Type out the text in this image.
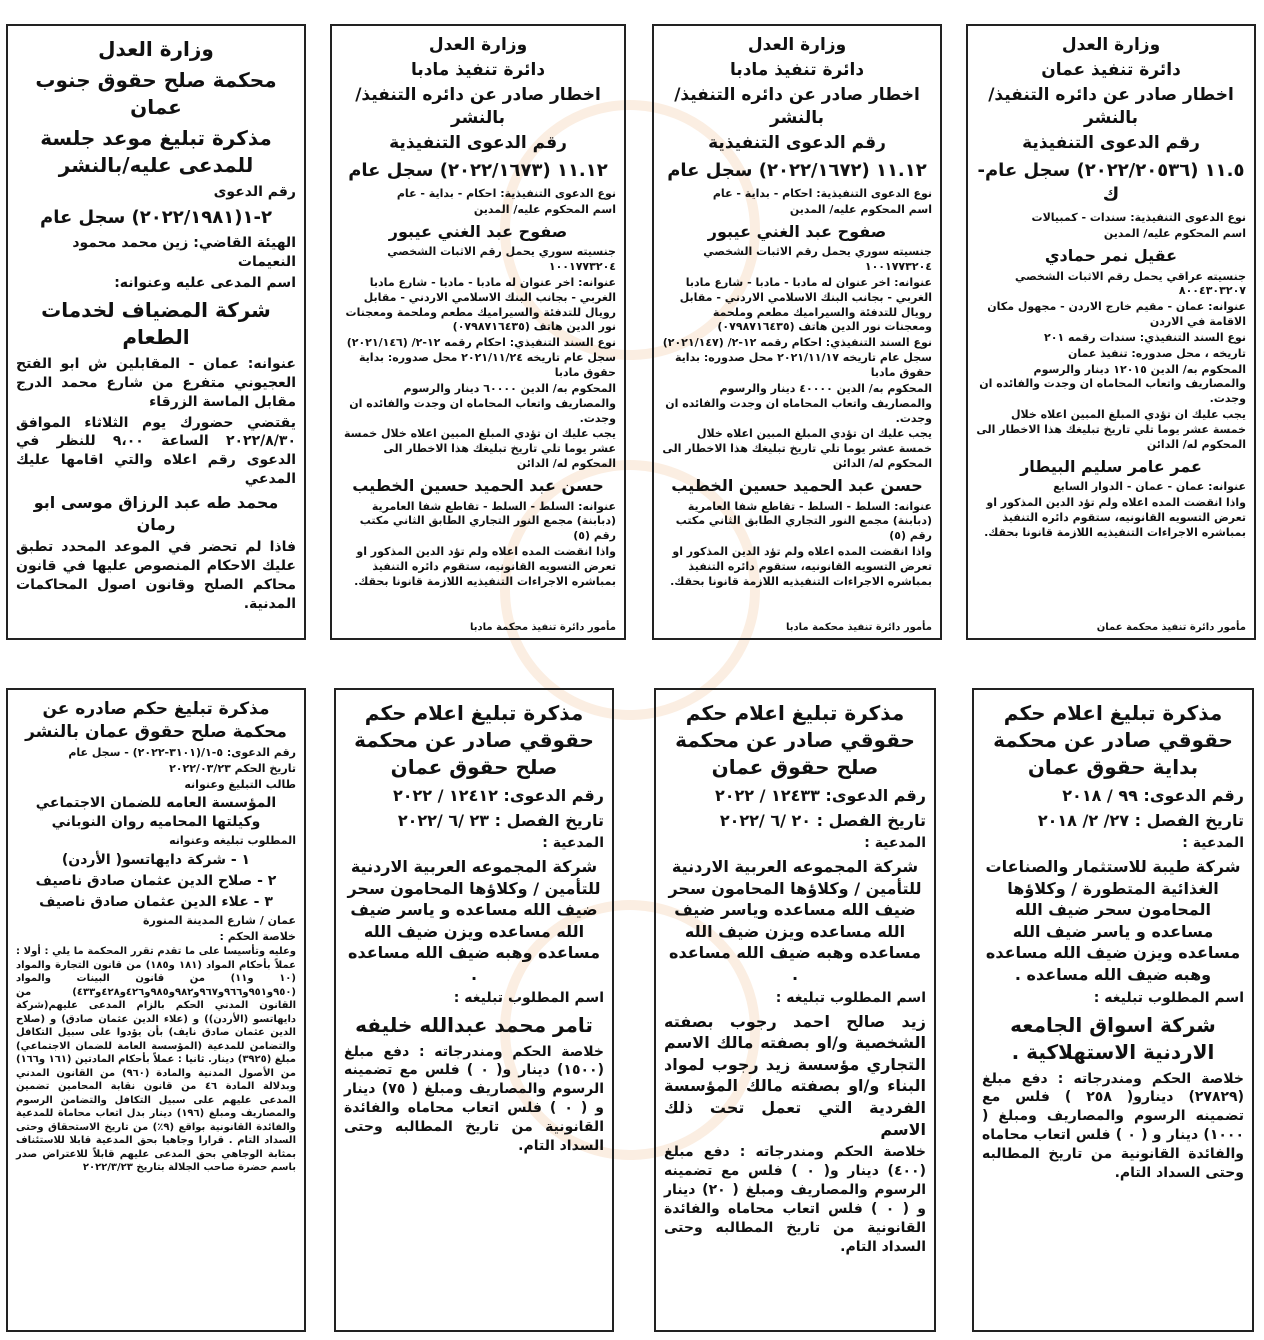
وزارة العدل
دائرة تنفيذ عمان
اخطار صادر عن دائره التنفيذ/ بالنشر
رقم الدعوى التنفيذية
١١.٥ (٢٠٢٢/٢٠٥٣٦) سجل عام-ك
نوع الدعوى التنفيذية: سندات - كمبيالات
اسم المحكوم عليه/ المدين
عقيل نمر حمادي
جنسيته عراقي يحمل رقم الاثبات الشخصي ٨٠٠٤٣٠٣٢٠٧
عنوانه: عمان - مقيم خارج الاردن - مجهول مكان الاقامة في الاردن
نوع السند التنفيذي: سندات رقمه ٢٠١
تاريخه ، محل صدوره: تنفيذ عمان
المحكوم به/ الدين ١٢٠١٥ دينار والرسوم والمصاريف واتعاب المحاماه ان وجدت والفائده ان وجدت.
يجب عليك ان تؤدي المبلغ المبين اعلاه خلال خمسة عشر يوما تلي تاريخ تبليغك هذا الاخطار الى المحكوم له/ الدائن
عمر عامر سليم البيطار
عنوانه: عمان - عمان - الدوار السابع
واذا انقضت المده اعلاه ولم تؤد الدين المذكور او تعرض التسويه القانونيه، ستقوم دائره التنفيذ بمباشره الاجراءات التنفيذيه اللازمة قانونا بحقك.
مأمور دائرة تنفيذ محكمة عمان
وزارة العدل
دائرة تنفيذ مادبا
اخطار صادر عن دائره التنفيذ/ بالنشر
رقم الدعوى التنفيذية
١١.١٢ (٢٠٢٢/١٦٧٢) سجل عام
نوع الدعوى التنفيذية: احكام - بداية - عام
اسم المحكوم عليه/ المدين
صفوح عبد الغني عيبور
جنسيته سوري يحمل رقم الاثبات الشخصي ١٠٠١٧٧٣٢٠٤
عنوانه: اخر عنوان له مادبا - مادبا - شارع مادبا الغربي - بجانب البنك الاسلامي الاردني - مقابل رويال للتدفئة والسيراميك مطعم وملحمة ومعجنات نور الدين هاتف (٠٧٩٨٧١٦٤٣٥)
نوع السند التنفيذي: احكام رقمه ١٢-٢/ (٢٠٢١/١٤٧) سجل عام تاريخه ٢٠٢١/١١/١٧ محل صدوره: بداية حقوق مادبا
المحكوم به/ الدين ٤٠٠٠٠ دينار والرسوم والمصاريف واتعاب المحاماه ان وجدت والفائده ان وجدت.
يجب عليك ان تؤدي المبلغ المبين اعلاه خلال خمسة عشر يوما تلي تاريخ تبليغك هذا الاخطار الى المحكوم له/ الدائن
حسن عبد الحميد حسين الخطيب
عنوانه: السلط - السلط - تقاطع شفا العامرية (دبابنة) مجمع النور التجاري الطابق الثاني مكتب رقم (٥)
واذا انقضت المده اعلاه ولم تؤد الدين المذكور او تعرض التسويه القانونيه، ستقوم دائره التنفيذ بمباشره الاجراءات التنفيذيه اللازمة قانونا بحقك.
مأمور دائرة تنفيذ محكمة مادبا
وزارة العدل
دائرة تنفيذ مادبا
اخطار صادر عن دائره التنفيذ/ بالنشر
رقم الدعوى التنفيذية
١١.١٢ (٢٠٢٢/١٦٧٣) سجل عام
نوع الدعوى التنفيذية: احكام - بداية - عام
اسم المحكوم عليه/ المدين
صفوح عبد الغني عيبور
جنسيته سوري يحمل رقم الاثبات الشخصي ١٠٠١٧٧٣٢٠٤
عنوانه: اخر عنوان له مادبا - مادبا - شارع مادبا الغربي - بجانب البنك الاسلامي الاردني - مقابل رويال للتدفئة والسيراميك مطعم وملحمة ومعجنات نور الدين هاتف (٠٧٩٨٧١٦٤٣٥)
نوع السند التنفيذي: احكام رقمه ١٢-٢/ (٢٠٢١/١٤٦) سجل عام تاريخه ٢٠٢١/١١/٢٤ محل صدوره: بداية حقوق مادبا
المحكوم به/ الدين ٦٠٠٠٠ دينار والرسوم والمصاريف واتعاب المحاماه ان وجدت والفائده ان وجدت.
يجب عليك ان تؤدي المبلغ المبين اعلاه خلال خمسة عشر يوما تلي تاريخ تبليغك هذا الاخطار الى المحكوم له/ الدائن
حسن عبد الحميد حسين الخطيب
عنوانه: السلط - السلط - تقاطع شفا العامرية (دبابنة) مجمع النور التجاري الطابق الثاني مكتب رقم (٥)
واذا انقضت المده اعلاه ولم تؤد الدين المذكور او تعرض التسويه القانونيه، ستقوم دائره التنفيذ بمباشره الاجراءات التنفيذيه اللازمة قانونا بحقك.
مأمور دائرة تنفيذ محكمة مادبا
وزارة العدل
محكمة صلح حقوق جنوب عمان
مذكرة تبليغ موعد جلسة للمدعى عليه/بالنشر
رقم الدعوى
٢-١(٢٠٢٢/١٩٨١) سجل عام
الهيئة القاضي: زين محمد محمود النعيمات
اسم المدعى عليه وعنوانه:
شركة المضياف لخدمات الطعام
عنوانه: عمان - المقابلين ش ابو الفتح العجيوني متفرع من شارع محمد الدرج مقابل الماسة الزرقاء
يقتضي حضورك يوم الثلاثاء الموافق ٢٠٢٢/٨/٣٠ الساعة ٩،٠٠ للنظر في الدعوى رقم اعلاه والتي اقامها عليك المدعي
محمد طه عبد الرزاق موسى ابو رمان
فاذا لم تحضر في الموعد المحدد تطبق عليك الاحكام المنصوص عليها في قانون محاكم الصلح وقانون اصول المحاكمات المدنية.
مذكرة تبليغ اعلام حكم حقوقي صادر عن محكمة بداية حقوق عمان
رقم الدعوى: ٩٩ / ٢٠١٨
تاريخ الفصل : ٢٧/ ٢/ ٢٠١٨
المدعية :
شركة طيبة للاستثمار والصناعات الغذائية المتطورة / وكلاؤها المحامون سحر ضيف الله مساعده و ياسر ضيف الله مساعده ويزن ضيف الله مساعده وهبه ضيف الله مساعده .
اسم المطلوب تبليغه :
شركة اسواق الجامعه الاردنية الاستهلاكية .
خلاصة الحكم ومندرجاته : دفع مبلغ (٢٧٨٢٩) دينارو( ٢٥٨ ) فلس مع تضمينه الرسوم والمصاريف ومبلغ ( ١٠٠٠) دينار و ( ٠ ) فلس اتعاب محاماه والفائدة القانونية من تاريخ المطالبه وحتى السداد التام.
مذكرة تبليغ اعلام حكم حقوقي صادر عن محكمة صلح حقوق عمان
رقم الدعوى: ١٢٤٣٣ / ٢٠٢٢
تاريخ الفصل : ٢٠ /٦ /٢٠٢٢
المدعية :
شركة المجموعه العربية الاردنية للتأمين / وكلاؤها المحامون سحر ضيف الله مساعده وياسر ضيف الله مساعده ويزن ضيف الله مساعده وهبه ضيف الله مساعده .
اسم المطلوب تبليغه :
زيد صالح احمد رجوب بصفته الشخصية و/او بصفته مالك الاسم التجاري مؤسسة زيد رجوب لمواد البناء و/او بصفته مالك المؤسسة الفردية التي تعمل تحت ذلك الاسم
خلاصة الحكم ومندرجاته : دفع مبلغ (٤٠٠) دينار و( ٠ ) فلس مع تضمينه الرسوم والمصاريف ومبلغ ( ٢٠) دينار و ( ٠ ) فلس اتعاب محاماه والفائدة القانونية من تاريخ المطالبه وحتى السداد التام.
مذكرة تبليغ اعلام حكم حقوقي صادر عن محكمة صلح حقوق عمان
رقم الدعوى: ١٢٤١٢ / ٢٠٢٢
تاريخ الفصل : ٢٣ /٦ /٢٠٢٢
المدعية :
شركة المجموعه العربية الاردنية للتأمين / وكلاؤها المحامون سحر ضيف الله مساعده و ياسر ضيف الله مساعده ويزن ضيف الله مساعده وهبه ضيف الله مساعده .
اسم المطلوب تبليغه :
تامر محمد عبدالله خليفه
خلاصة الحكم ومندرجاته : دفع مبلغ (١٥٠٠) دينار و( ٠ ) فلس مع تضمينه الرسوم والمصاريف ومبلغ ( ٧٥) دينار و ( ٠ ) فلس اتعاب محاماه والفائدة القانونية من تاريخ المطالبه وحتى السداد التام.
مذكرة تبليغ حكم صادره عن محكمة صلح حقوق عمان بالنشر
رقم الدعوى: ٥-١/(٣١٠١-٢٠٢٢) - سجل عام
تاريخ الحكم ٢٠٢٢/٠٣/٢٣
طالب التبليغ وعنوانه
المؤسسة العامه للضمان الاجتماعي وكيلتها المحاميه روان النوباني
المطلوب تبليغه وعنوانه
١ - شركة دايهاتسو( الأردن)
٢ - صلاح الدين عثمان صادق ناصيف
٣ - علاء الدين عثمان صادق ناصيف
عمان / شارع المدينة المنورة
خلاصة الحكم :
وعليه وتأسيسا على ما تقدم تقرر المحكمة ما يلي : أولا : عملاً بأحكام المواد (١٨١ و١٨٥) من قانون التجارة والمواد (١٠ و١١) من قانون البينات والمواد (٩٥٠و٩٥١و٩٦٦و٩٦٧و٩٨٢و٩٨٥و٤٢٦و٤٢٨و٤٣٣) من القانون المدني الحكم بالزام المدعى عليهم(شركة دايهاتسو (الأردن)) و (علاء الدين عثمان صادق) و (صلاح الدين عثمان صادق نايف) بأن يؤدوا على سبيل التكافل والتضامن للمدعية (المؤسسة العامة للضمان الاجتماعي) مبلغ (٣٩٢٥) دينار. ثانيا : عملاً بأحكام المادتين (١٦١ و١٦٦) من الأصول المدنية والمادة (٩٦٠) من القانون المدني وبدلالة المادة ٤٦ من قانون نقابة المحامين تضمين المدعى عليهم على سبيل التكافل والتضامن الرسوم والمصاريف ومبلغ (١٩٦) دينار بدل اتعاب محاماة للمدعية والفائدة القانونية بواقع (٩٪) من تاريخ الاستحقاق وحتى السداد التام . قرارا وجاهيا بحق المدعية قابلا للاستئناف بمثابة الوجاهي بحق المدعى عليهم قابلاً للاعتراض صدر باسم حضرة صاحب الجلالة بتاريخ ٢٠٢٢/٣/٢٣
